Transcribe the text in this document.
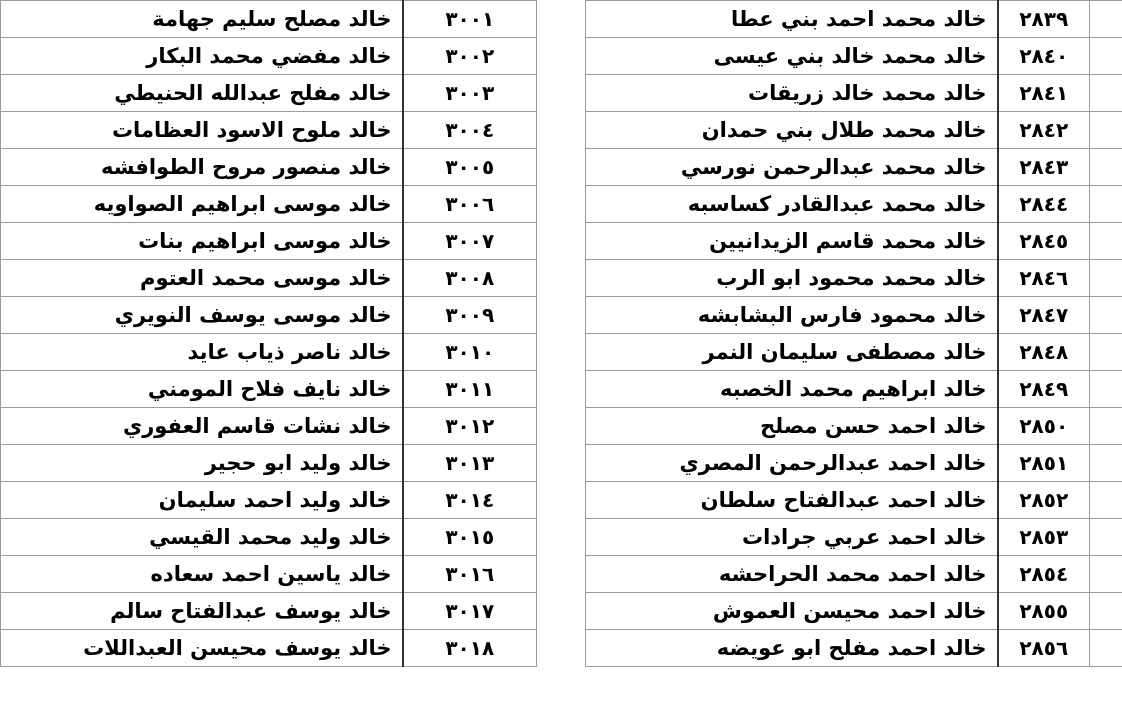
خالد مصلح سليم جهامة	٣٠٠١
خالد مفضي محمد البكار	٣٠٠٢
خالد مفلح عبدالله الحنيطي	٣٠٠٣
خالد ملوح الاسود العظامات	٣٠٠٤
خالد منصور مروح الطوافشه	٣٠٠٥
خالد موسى ابراهيم الصواويه	٣٠٠٦
خالد موسى ابراهيم بنات	٣٠٠٧
خالد موسى محمد العتوم	٣٠٠٨
خالد موسى يوسف النويري	٣٠٠٩
خالد ناصر ذياب عايد	٣٠١٠
خالد نايف فلاح المومني	٣٠١١
خالد نشات قاسم العفوري	٣٠١٢
خالد وليد ابو حجير	٣٠١٣
خالد وليد احمد سليمان	٣٠١٤
خالد وليد محمد القيسي	٣٠١٥
خالد ياسين احمد سعاده	٣٠١٦
خالد يوسف عبدالفتاح سالم	٣٠١٧
خالد يوسف محيسن العبداللات	٣٠١٨
خالد محمد احمد بني عطا	٢٨٣٩	
خالد محمد خالد بني عيسى	٢٨٤٠	
خالد محمد خالد زريقات	٢٨٤١	
خالد محمد طلال بني حمدان	٢٨٤٢	
خالد محمد عبدالرحمن نورسي	٢٨٤٣	
خالد محمد عبدالقادر كساسبه	٢٨٤٤	
خالد محمد قاسم الزيدانيين	٢٨٤٥	
خالد محمد محمود ابو الرب	٢٨٤٦	
خالد محمود فارس البشابشه	٢٨٤٧	
خالد مصطفى سليمان النمر	٢٨٤٨	
خالد ابراهيم محمد الخصبه	٢٨٤٩	
خالد احمد حسن مصلح	٢٨٥٠	
خالد احمد عبدالرحمن المصري	٢٨٥١	
خالد احمد عبدالفتاح سلطان	٢٨٥٢	
خالد احمد عربي جرادات	٢٨٥٣	
خالد احمد محمد الحراحشه	٢٨٥٤	
خالد احمد محيسن العموش	٢٨٥٥	
خالد احمد مفلح ابو عويضه	٢٨٥٦	
